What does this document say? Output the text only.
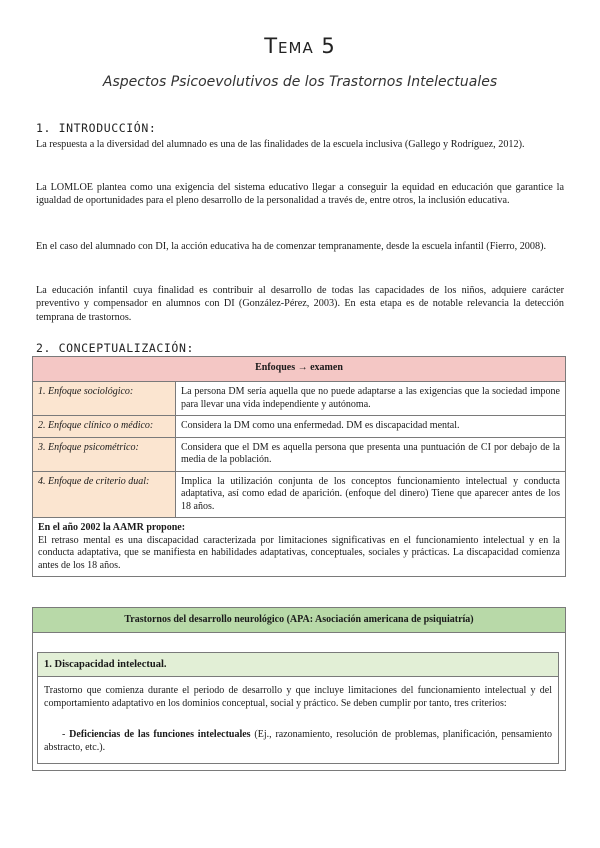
Tema 5
Aspectos Psicoevolutivos de los Trastornos Intelectuales
1. INTRODUCCIÓN:
La respuesta a la diversidad del alumnado es una de las finalidades de la escuela inclusiva (Gallego y Rodríguez, 2012).
La LOMLOE plantea como una exigencia del sistema educativo llegar a conseguir la equidad en educación que garantice la igualdad de oportunidades para el pleno desarrollo de la personalidad a través de, entre otros, la inclusión educativa.
En el caso del alumnado con DI, la acción educativa ha de comenzar tempranamente, desde la escuela infantil (Fierro, 2008).
La educación infantil cuya finalidad es contribuir al desarrollo de todas las capacidades de los niños, adquiere carácter preventivo y compensador en alumnos con DI (González-Pérez, 2003). En esta etapa es de notable relevancia la detección temprana de trastornos.
2. CONCEPTUALIZACIÓN:
Enfoques → examen	
1. Enfoque sociológico:	La persona DM sería aquella que no puede adaptarse a las exigencias que la sociedad impone para llevar una vida independiente y autónoma.
2. Enfoque clínico o médico:	Considera la DM como una enfermedad. DM es discapacidad mental.
3. Enfoque psicométrico:	Considera que el DM es aquella persona que presenta una puntuación de CI por debajo de la media de la población.
4. Enfoque de criterio dual:	Implica la utilización conjunta de los conceptos funcionamiento intelectual y conducta adaptativa, así como edad de aparición. (enfoque del dinero) Tiene que aparecer antes de los 18 años.

En el año 2002 la AAMR propone:
El retraso mental es una discapacidad caracterizada por limitaciones significativas en el funcionamiento intelectual y en la conducta adaptativa, que se manifiesta en habilidades adaptativas, conceptuales, sociales y prácticas. La discapacidad comienza antes de los 18 años.	
Trastornos del desarrollo neurológico (APA: Asociación americana de psiquiatría)
1. Discapacidad intelectual.
Trastorno que comienza durante el periodo de desarrollo y que incluye limitaciones del funcionamiento intelectual y del comportamiento adaptativo en los dominios conceptual, social y práctico. Se deben cumplir por tanto, tres criterios:
- Deficiencias de las funciones intelectuales (Ej., razonamiento, resolución de problemas, planificación, pensamiento abstracto, etc.).
